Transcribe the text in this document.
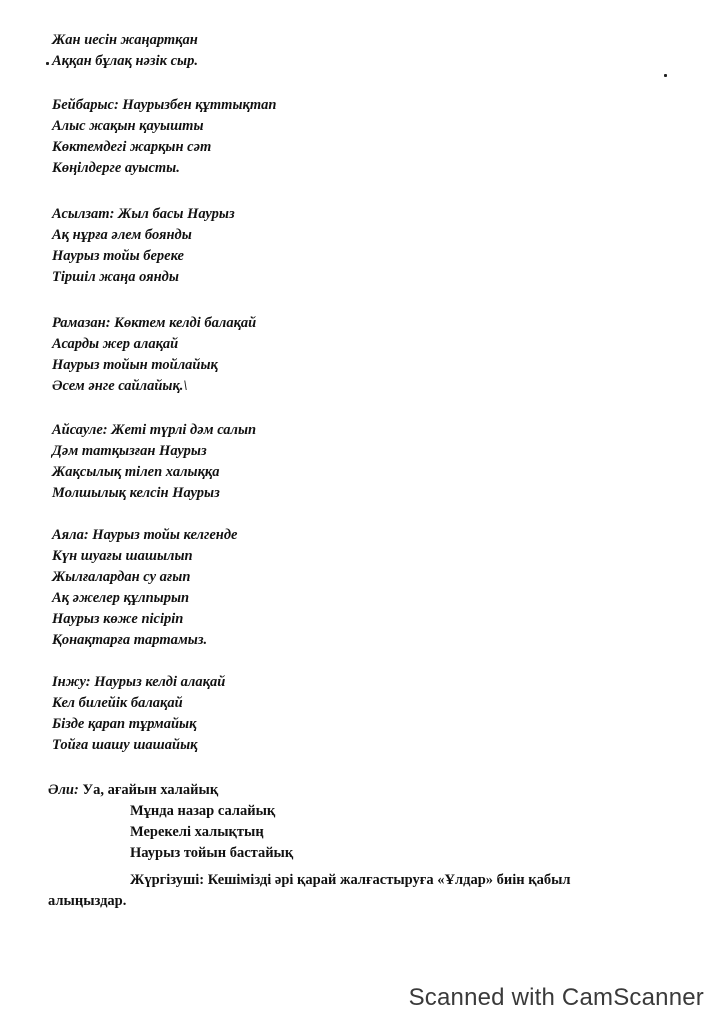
Жан иесін жаңартқан
Аққан бұлақ нәзік сыр.
Бейбарыс: Наурызбен құттықтап
Алыс жақын қауышты
Көктемдегі жарқын сәт
Көңілдерге ауысты.
Асылзат: Жыл басы Наурыз
Ақ нұрға әлем боянды
Наурыз тойы береке
Тіршіл жаңа оянды
Рамазан: Көктем келді балақай
Асарды жер алақай
Наурыз тойын тойлайық
Әсем әнге сайлайық.\
Айсауле: Жеті түрлі дәм салып
Дәм татқызған Наурыз
Жақсылық тілеп халыққа
Молшылық келсін Наурыз
Аяла: Наурыз тойы келгенде
Күн шуағы шашылып
Жылғалардан су ағып
Ақ әжелер құлпырып
Наурыз көже пісіріп
Қонақтарға тартамыз.
Інжу: Наурыз келді алақай
Кел билейік балақай
Бізде қарап тұрмайық
Тойға шашу шашайық
Әли: Уа, ағайын халайық
Мұнда назар салайық
Мерекелі халықтың
Наурыз тойын бастайық
Жүргізуші: Кешімізді әрі қарай жалғастыруға «Ұлдар» биін қабыл
алыңыздар.
Scanned with CamScanner
